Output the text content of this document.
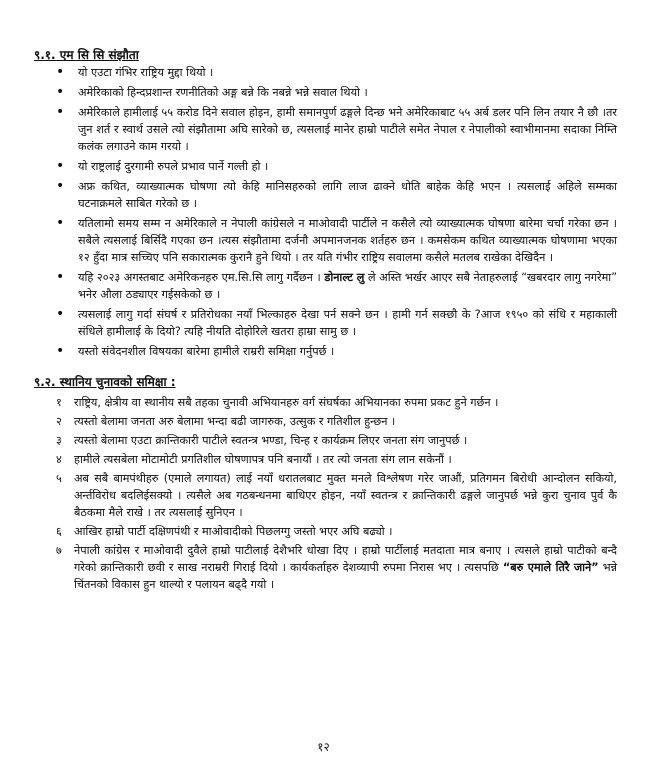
९.१. एम सि सि संझौता
• यो एउटा गंभिर राष्ट्रिय मुद्दा थियो ।
• अमेरिकाको हिन्दप्रशान्त रणनीतिको अङ्ग बन्ने कि नबन्ने भन्ने सवाल थियो ।
• अमेरिकाले हामीलाई ५५ करोड दिने सवाल होइन, हामी समानपुर्ण ढङ्गले दिन्छ भने अमेरिकाबाट ५५ अर्ब डलर पनि लिन तयार नै छौ ।तर जुन शर्त र स्वार्थ उसले त्यो संझौतामा अघि सारेको छ, त्यसलाई मानेर हाम्रो पाटीले समेत नेपाल र नेपालीको स्वाभीमानमा सदाका निम्ति कलंक लगाउने काम गरयो ।
• यो राष्ट्रलाई दुरगामी रुपले प्रभाव पार्ने गल्ती हो ।
• अफ्र कथित, व्याख्यात्मक घोषणा त्यो केहि मानिसहरुको लागि लाज ढाक्ने धोति बाहेक केहि भएन । त्यसलाई अहिले सम्मका घटनाक्रमले साबित गरेको छ ।
• यतिलामो समय सम्म न अमेरिकाले न नेपाली कांग्रेसले न माओवादी पार्टीले न कसैले त्यो व्याख्यात्मक घोषणा बारेमा चर्चा गरेका छन । सबैले त्यसलाई बिर्सिदै गएका छन ।त्यस संझौतामा दर्जनौ अपमानजनक शर्तहरु छन । कमसेकम कथित व्याख्यात्मक घोषणामा भएका १२ हुँदा मात्र सच्चिए पनि सकारात्मक कुरानै हुने थियो । तर यति गंभीर राष्ट्रिय सवालमा कसैले मतलब राखेका देखिदैन ।
• यहि २०२३ अगस्तबाट अमेरिकनहरु एम.सि.सि लागु गर्दैछन । डोनाल्ट लु ले अस्ति भर्खर आएर सबै नेताहरुलाई “खबरदार लागु नगरेमा” भनेर औला ठड्याएर गईसकेको छ ।
• त्यसलाई लागु गर्दा संघर्ष र प्रतिरोधका नयाँ भिल्काहरु देखा पर्न सक्ने छन । हामी गर्न सक्छौ के ?आज १९५० को संधि र महाकाली संधिले हामीलाई के दियो? त्यहि नीयति दोहोरिले खतरा हाम्रा सामु छ ।
• यस्तो संवेदनशील विषयका बारेमा हामीले राम्ररी समिक्षा गर्नुपर्छ ।
९.२. स्थानिय चुनावको समिक्षा :
१ राष्ट्रिय, क्षेत्रीय वा स्थानीय सबै तहका चुनावी अभियानहरु वर्ग संघर्षका अभियानका रुपमा प्रकट हुने गर्छन ।
२ त्यस्तो बेलामा जनता अरु बेलामा भन्दा बढी जागरुक, उत्सुक र गतिशील हुन्छन ।
३ त्यस्तो बेलामा एउटा क्रान्तिकारी पाटीले स्वतन्त्र भण्डा, चिन्ह र कार्यक्रम लिएर जनता संग जानुपर्छ ।
४ हामीले त्यसबेला मोटामोटी प्रगतिशील घोषणापत्र पनि बनायौं । तर त्यो जनता संग लान सकेनौं ।
५ अब सबै बामपंथीहरु (एमाले लगायत) लाई नयाँ धरातलबाट मुक्त मनले विश्लेषण गरेर जाऔं, प्रतिगमन बिरोधी आन्दोलन सकियो, अर्न्तविरोध बदलिईसक्यो । त्यसैले अब गठबन्धनमा बाधिएर होइन, नयाँ स्वतन्त्र र क्रान्तिकारी ढङ्गले जानुपर्छ भन्ने कुरा चुनाव पुर्व कै बैठकमा मैले राखे । तर त्यसलाई सुनिएन ।
६ आखिर हाम्रो पार्टी दक्षिणपंथी र माओवादीको पिछलग्गु जस्तो भएर अघि बढ्यो ।
७ नेपाली कांग्रेस र माओवादी दुवैले हाम्रो पाटीलाई देशैभरि धोखा दिए । हाम्रो पार्टीलाई मतदाता मात्र बनाए । त्यसले हाम्रो पाटीको बन्दै गरेको क्रान्तिकारी छवी र साख नराम्ररी गिराई दियो । कार्यकर्ताहरु देशव्यापी रुपमा निरास भए । त्यसपछि “बरु एमाले तिरै जाने” भन्ने चिंतनको विकास हुन थाल्यो र पलायन बढ्दै गयो ।
१२
